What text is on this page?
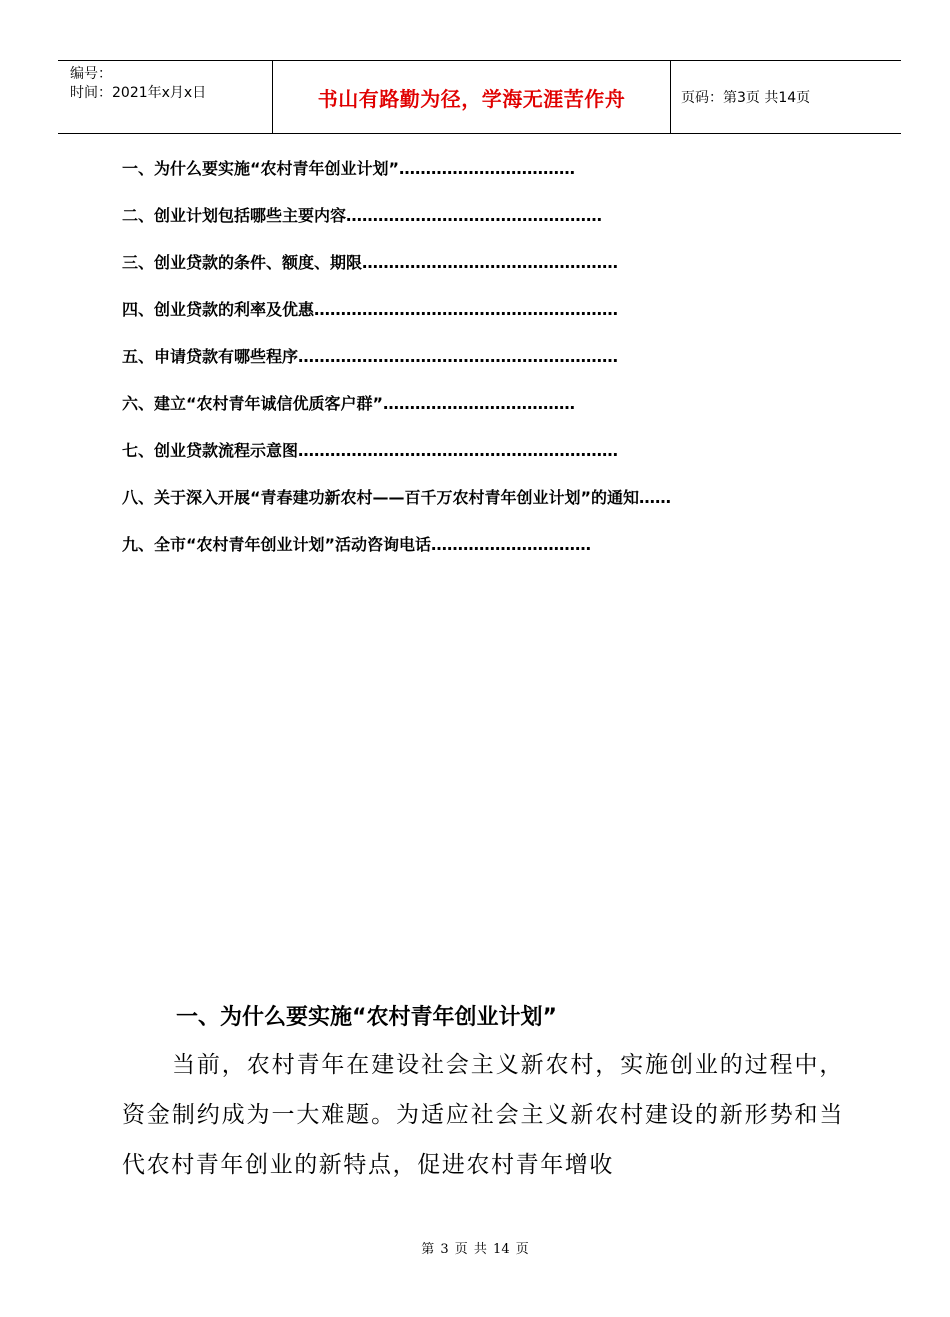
编号：
时间：2021年x月x日	书山有路勤为径，学海无涯苦作舟	页码：第3页 共14页
一、为什么要实施“农村青年创业计划”……………………………
二、创业计划包括哪些主要内容…………………………………………
三、创业贷款的条件、额度、期限…………………………………………
四、创业贷款的利率及优惠…………………………………………………
五、申请贷款有哪些程序……………………………………………………
六、建立“农村青年诚信优质客户群”………………………………
七、创业贷款流程示意图……………………………………………………
八、关于深入开展“青春建功新农村——百千万农村青年创业计划”的通知……
九、全市“农村青年创业计划”活动咨询电话…………………………
一、为什么要实施“农村青年创业计划”
当前，农村青年在建设社会主义新农村，实施创业的过程中，资金制约成为一大难题。为适应社会主义新农村建设的新形势和当代农村青年创业的新特点，促进农村青年增收
第 3 页 共 14 页
